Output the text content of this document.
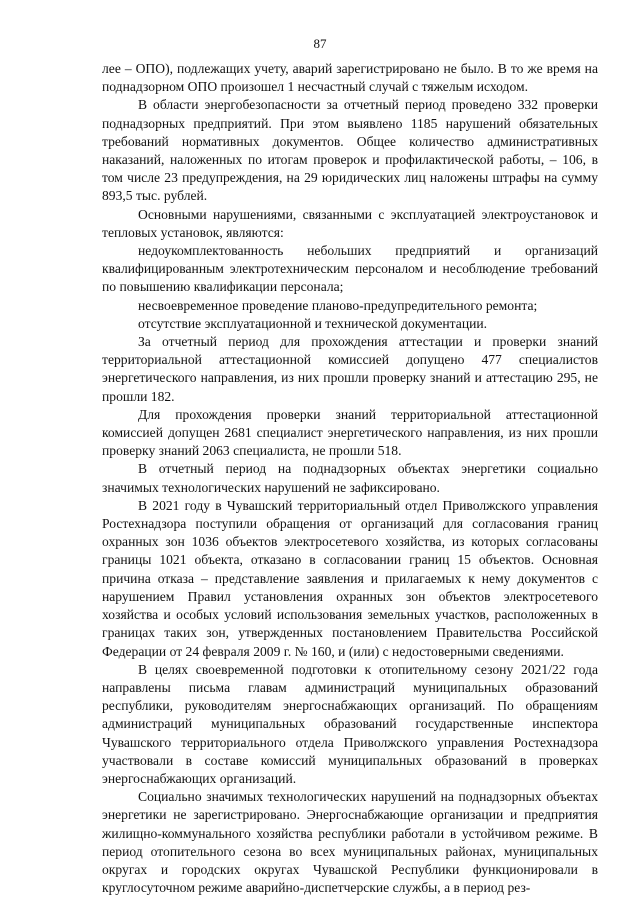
87

лее – ОПО), подлежащих учету, аварий зарегистрировано не было. В то же время на поднадзорном ОПО произошел 1 несчастный случай с тяжелым исходом.

В области энергобезопасности за отчетный период проведено 332 проверки поднадзорных предприятий. При этом выявлено 1185 нарушений обязательных требований нормативных документов. Общее количество административных наказаний, наложенных по итогам проверок и профилактической работы, – 106, в том числе 23 предупреждения, на 29 юридических лиц наложены штрафы на сумму 893,5 тыс. рублей.

Основными нарушениями, связанными с эксплуатацией электроустановок и тепловых установок, являются:

недоукомплектованность небольших предприятий и организаций квалифицированным электротехническим персоналом и несоблюдение требований по повышению квалификации персонала;

несвоевременное проведение планово-предупредительного ремонта;

отсутствие эксплуатационной и технической документации.

За отчетный период для прохождения аттестации и проверки знаний территориальной аттестационной комиссией допущено 477 специалистов энергетического направления, из них прошли проверку знаний и аттестацию 295, не прошли 182.

Для прохождения проверки знаний территориальной аттестационной комиссией допущен 2681 специалист энергетического направления, из них прошли проверку знаний 2063 специалиста, не прошли 518.

В отчетный период на поднадзорных объектах энергетики социально значимых технологических нарушений не зафиксировано.

В 2021 году в Чувашский территориальный отдел Приволжского управления Ростехнадзора поступили обращения от организаций для согласования границ охранных зон 1036 объектов электросетевого хозяйства, из которых согласованы границы 1021 объекта, отказано в согласовании границ 15 объектов. Основная причина отказа – представление заявления и прилагаемых к нему документов с нарушением Правил установления охранных зон объектов электросетевого хозяйства и особых условий использования земельных участков, расположенных в границах таких зон, утвержденных постановлением Правительства Российской Федерации от 24 февраля 2009 г. № 160, и (или) с недостоверными сведениями.

В целях своевременной подготовки к отопительному сезону 2021/22 года направлены письма главам администраций муниципальных образований республики, руководителям энергоснабжающих организаций. По обращениям администраций муниципальных образований государственные инспектора Чувашского территориального отдела Приволжского управления Ростехнадзора участвовали в составе комиссий муниципальных образований в проверках энергоснабжающих организаций.

Социально значимых технологических нарушений на поднадзорных объектах энергетики не зарегистрировано. Энергоснабжающие организации и предприятия жилищно-коммунального хозяйства республики работали в устойчивом режиме. В период отопительного сезона во всех муниципальных районах, муниципальных округах и городских округах Чувашской Республики функционировали в круглосуточном режиме аварийно-диспетчерские службы, а в период рез-
